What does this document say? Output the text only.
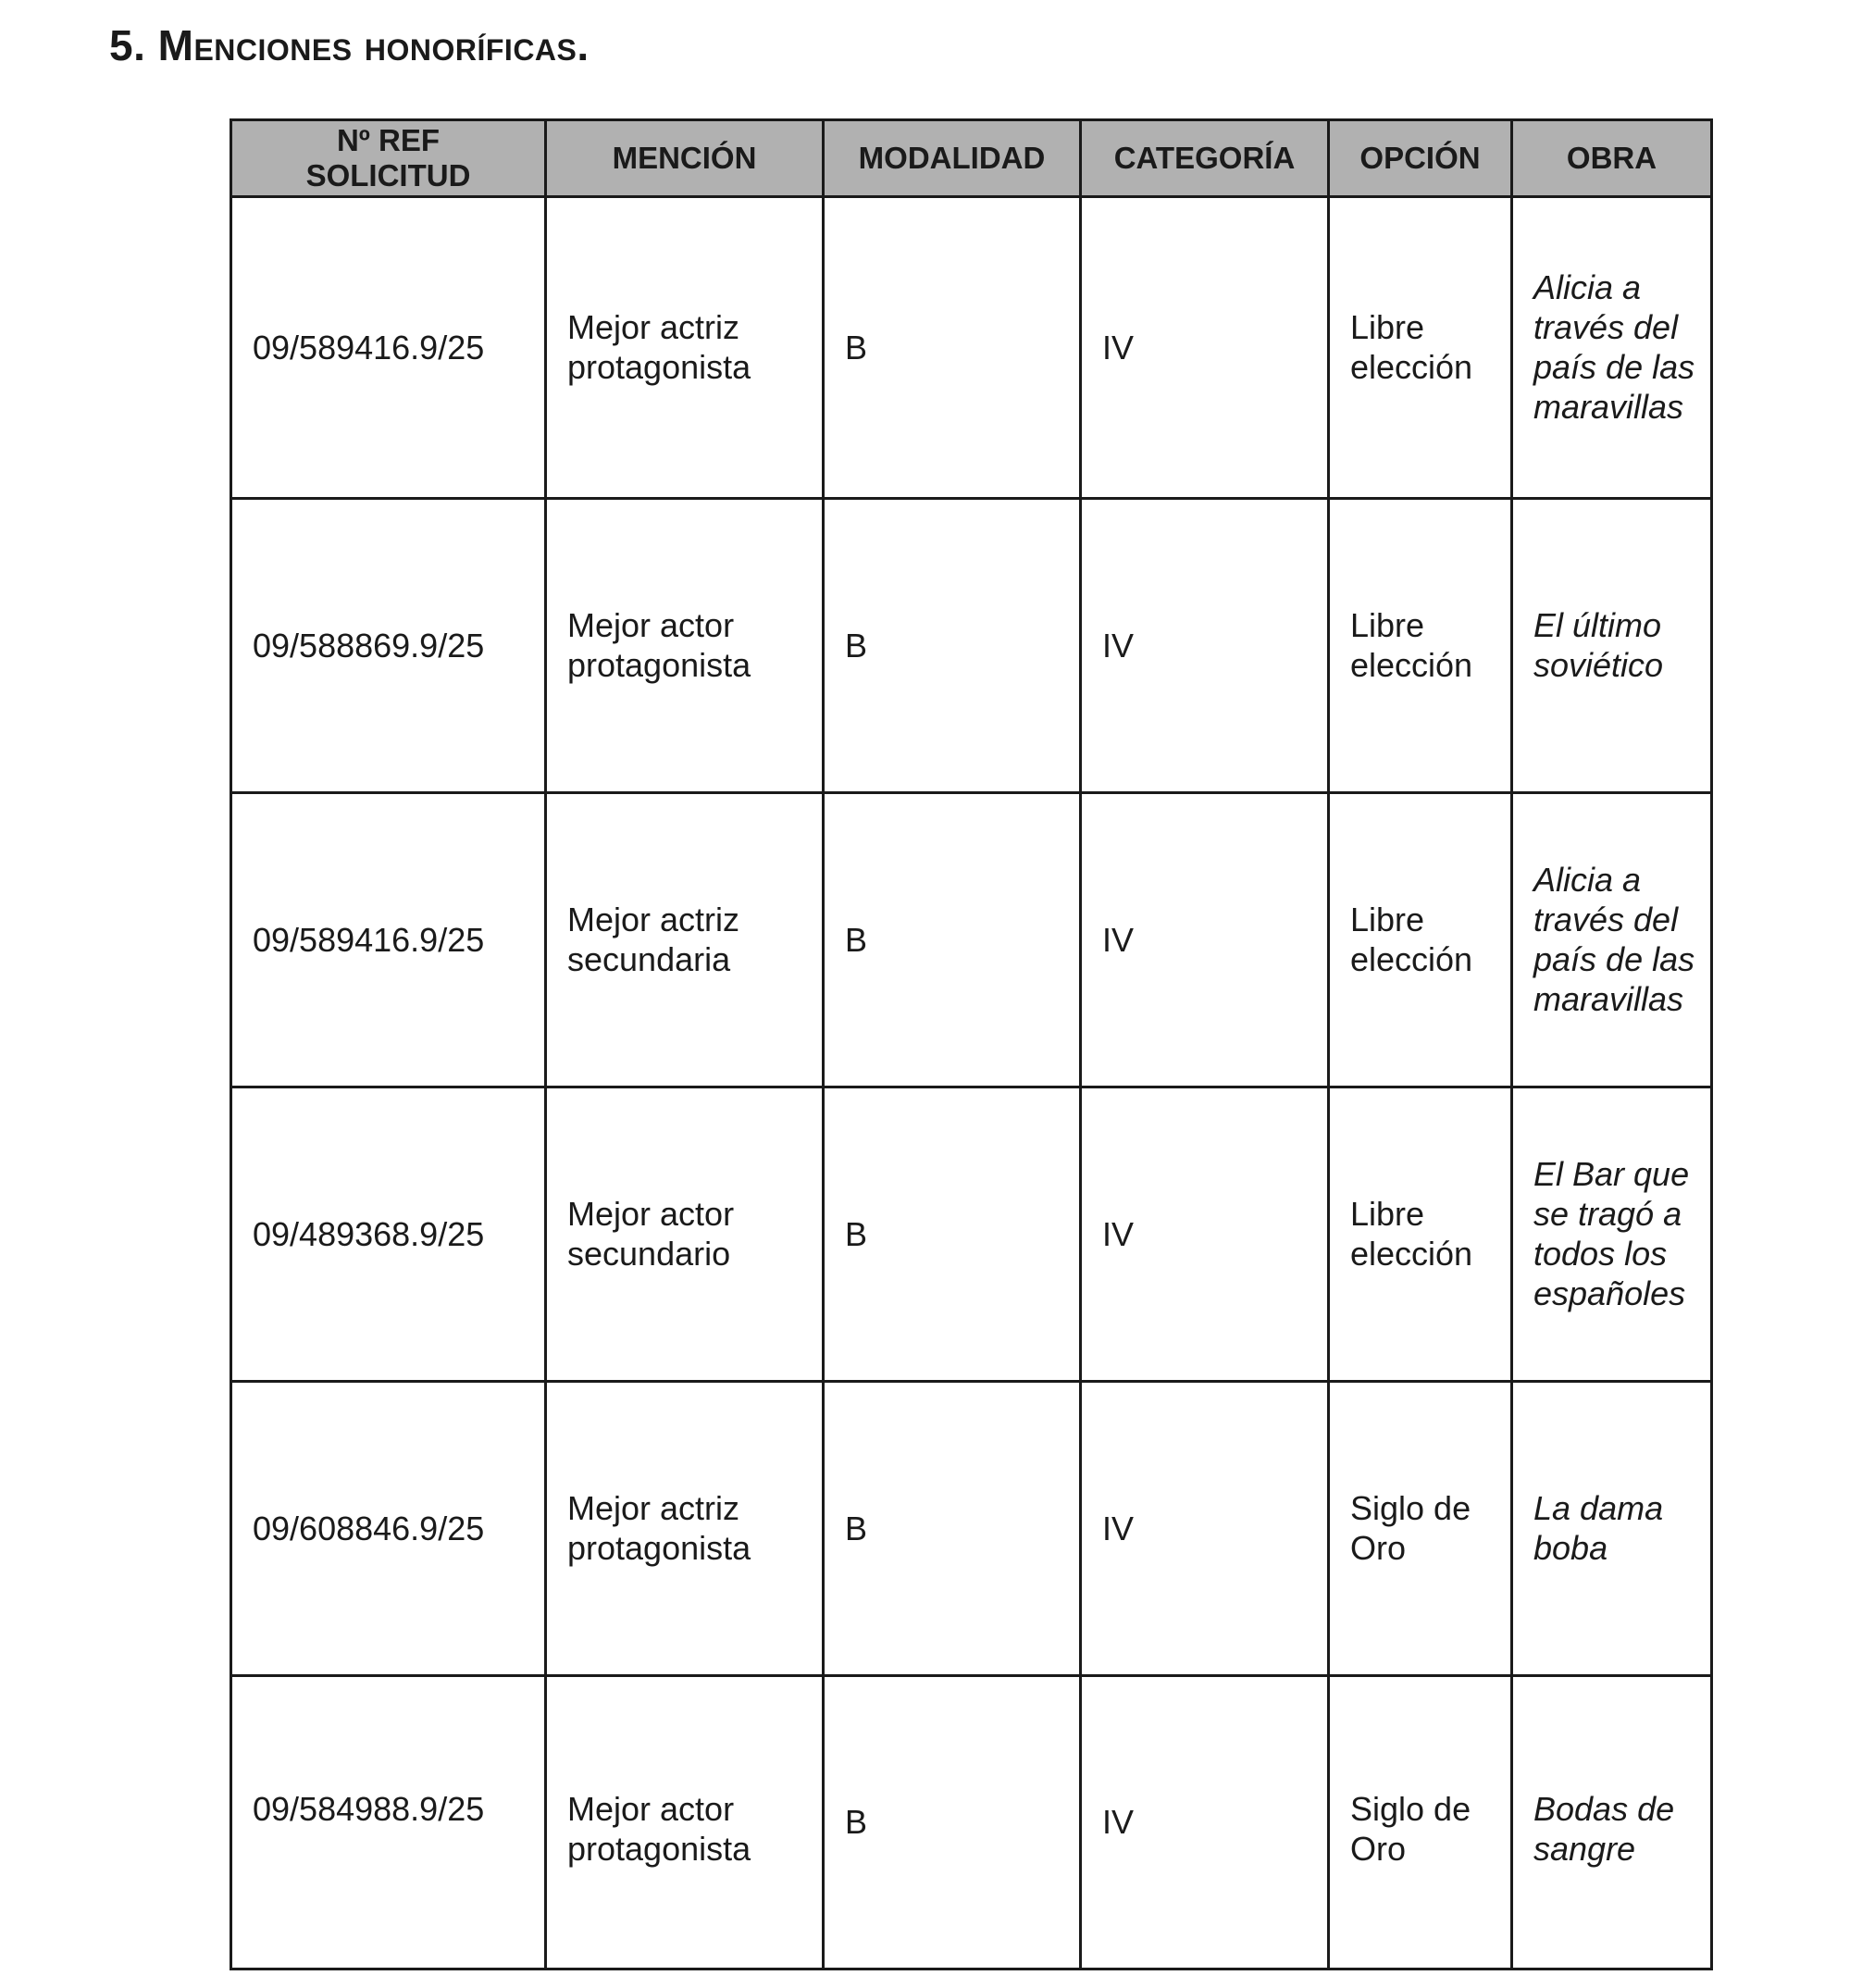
5. Menciones honoríficas.
Nº REF
SOLICITUD	MENCIÓN	MODALIDAD	CATEGORÍA	OPCIÓN	OBRA
09/589416.9/25	Mejor actriz protagonista	B	IV	Libre elección	Alicia a través del país de las maravillas
09/588869.9/25	Mejor actor protagonista	B	IV	Libre elección	El último soviético
09/589416.9/25	Mejor actriz secundaria	B	IV	Libre elección	Alicia a través del país de las maravillas
09/489368.9/25	Mejor actor secundario	B	IV	Libre elección	El Bar que se tragó a todos los españoles
09/608846.9/25	Mejor actriz protagonista	B	IV	Siglo de Oro	La dama boba
09/584988.9/25	Mejor actor protagonista	B	IV	Siglo de Oro	Bodas de sangre
